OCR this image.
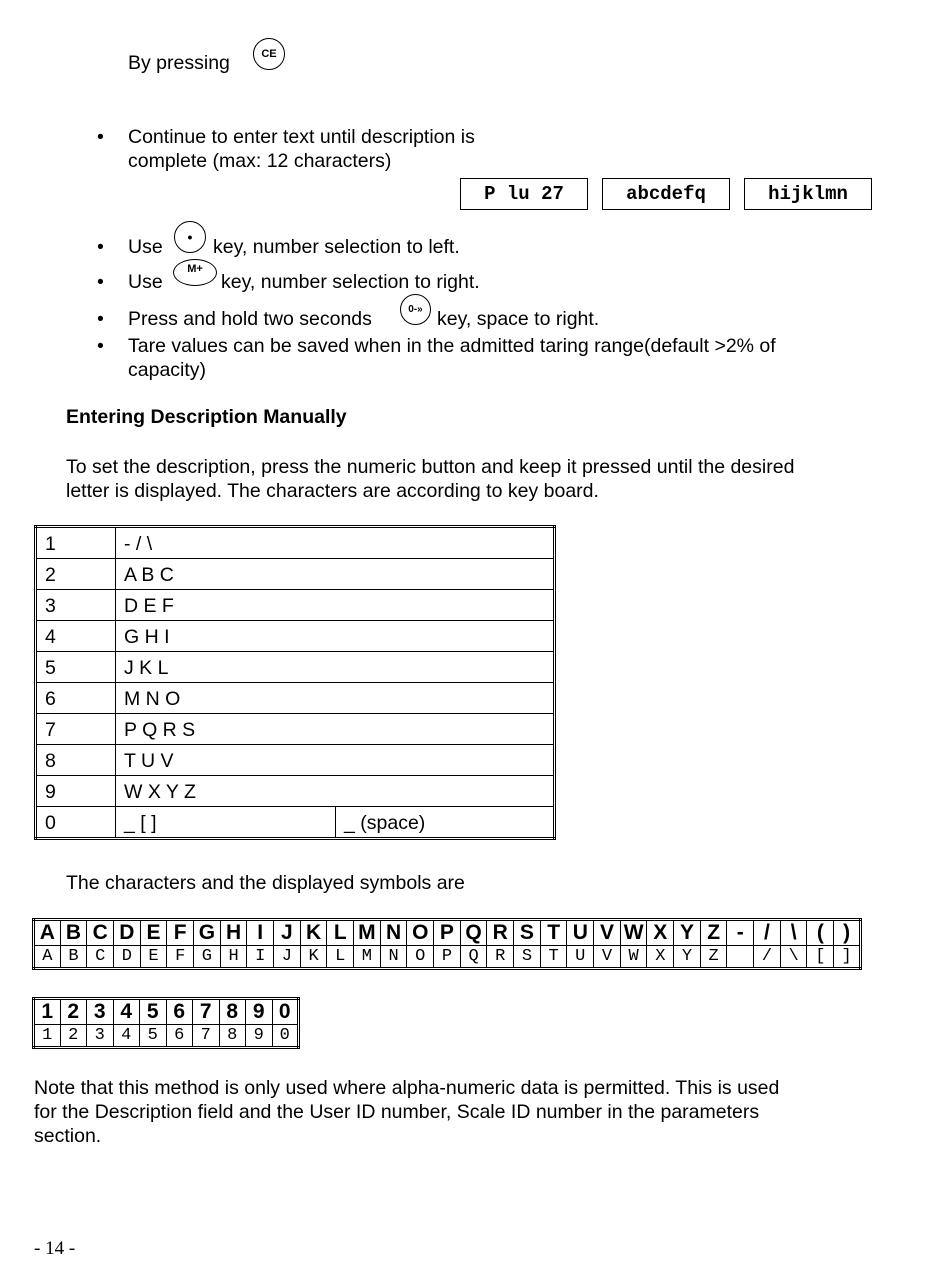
By pressing	CE
• Continue to enter text until description is
complete (max: 12 characters)
P lu 27	abcdefq	hijklmn
• Use • key, number selection to left.
• Use
M+
key, number selection to right.
• Press and hold two seconds	0-» key, space to right.
• Tare values can be saved when in the admitted taring range(default >2% of
capacity)
Entering Description Manually
To set the description, press the numeric button and keep it pressed until the desired
letter is displayed. The characters are according to key board.
1	- / \	
2	A B C	
3	D E F	
4	G H I	
5	J K L	
6	M N O	
7	P Q R S	
8	T U V	
9	W X Y Z	
0	_ [ ]	_ (space)
The characters and the displayed symbols are
A	B	C	D	E	F	G	H	I	J	K	L	M	N	O	P	Q	R	S	T	U	V	W	X	Y	Z	-	/	\	(	)
A	B	C	D	E	F	G	H	I	J	K	L	M	N	O	P	Q	R	S	T	U	V	W	X	Y	Z		/	\	[	]
1	2	3	4	5	6	7	8	9	0
1	2	3	4	5	6	7	8	9	0
Note that this method is only used where alpha-numeric data is permitted. This is used
for the Description field and the User ID number, Scale ID number in the parameters
section.
- 14 -
